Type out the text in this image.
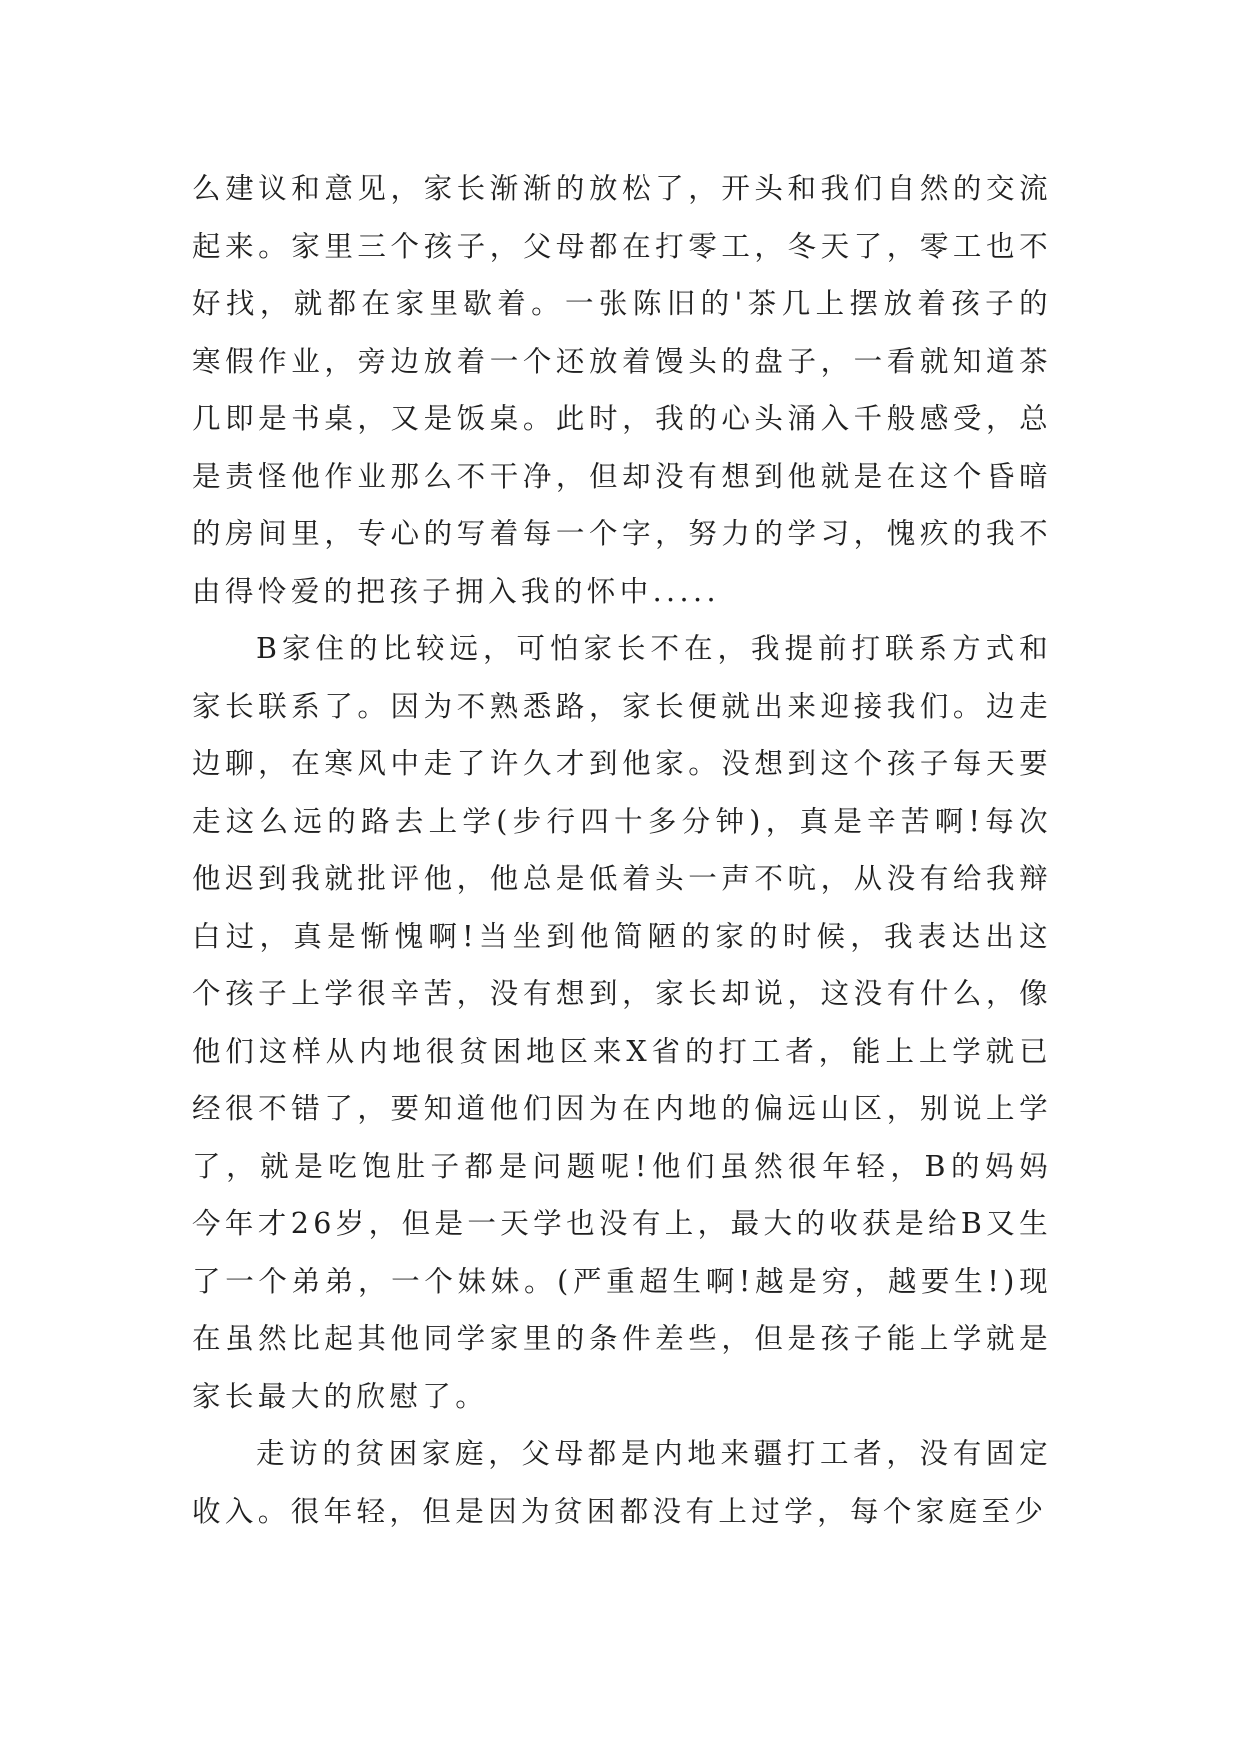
么建议和意见，家长渐渐的放松了，开头和我们自然的交流起来。家里三个孩子，父母都在打零工，冬天了，零工也不好找，就都在家里歇着。一张陈旧的'茶几上摆放着孩子的寒假作业，旁边放着一个还放着馒头的盘子，一看就知道茶几即是书桌，又是饭桌。此时，我的心头涌入千般感受，总是责怪他作业那么不干净，但却没有想到他就是在这个昏暗的房间里，专心的写着每一个字，努力的学习，愧疚的我不由得怜爱的把孩子拥入我的怀中.....

B家住的比较远，可怕家长不在，我提前打联系方式和家长联系了。因为不熟悉路，家长便就出来迎接我们。边走边聊，在寒风中走了许久才到他家。没想到这个孩子每天要走这么远的路去上学(步行四十多分钟)，真是辛苦啊!每次他迟到我就批评他，他总是低着头一声不吭，从没有给我辩白过，真是惭愧啊!当坐到他简陋的家的时候，我表达出这个孩子上学很辛苦，没有想到，家长却说，这没有什么，像他们这样从内地很贫困地区来X省的打工者，能上上学就已经很不错了，要知道他们因为在内地的偏远山区，别说上学了，就是吃饱肚子都是问题呢!他们虽然很年轻，B的妈妈今年才26岁，但是一天学也没有上，最大的收获是给B又生了一个弟弟，一个妹妹。(严重超生啊!越是穷，越要生!)现在虽然比起其他同学家里的条件差些，但是孩子能上学就是家长最大的欣慰了。

走访的贫困家庭，父母都是内地来疆打工者，没有固定收入。很年轻，但是因为贫困都没有上过学，每个家庭至少
